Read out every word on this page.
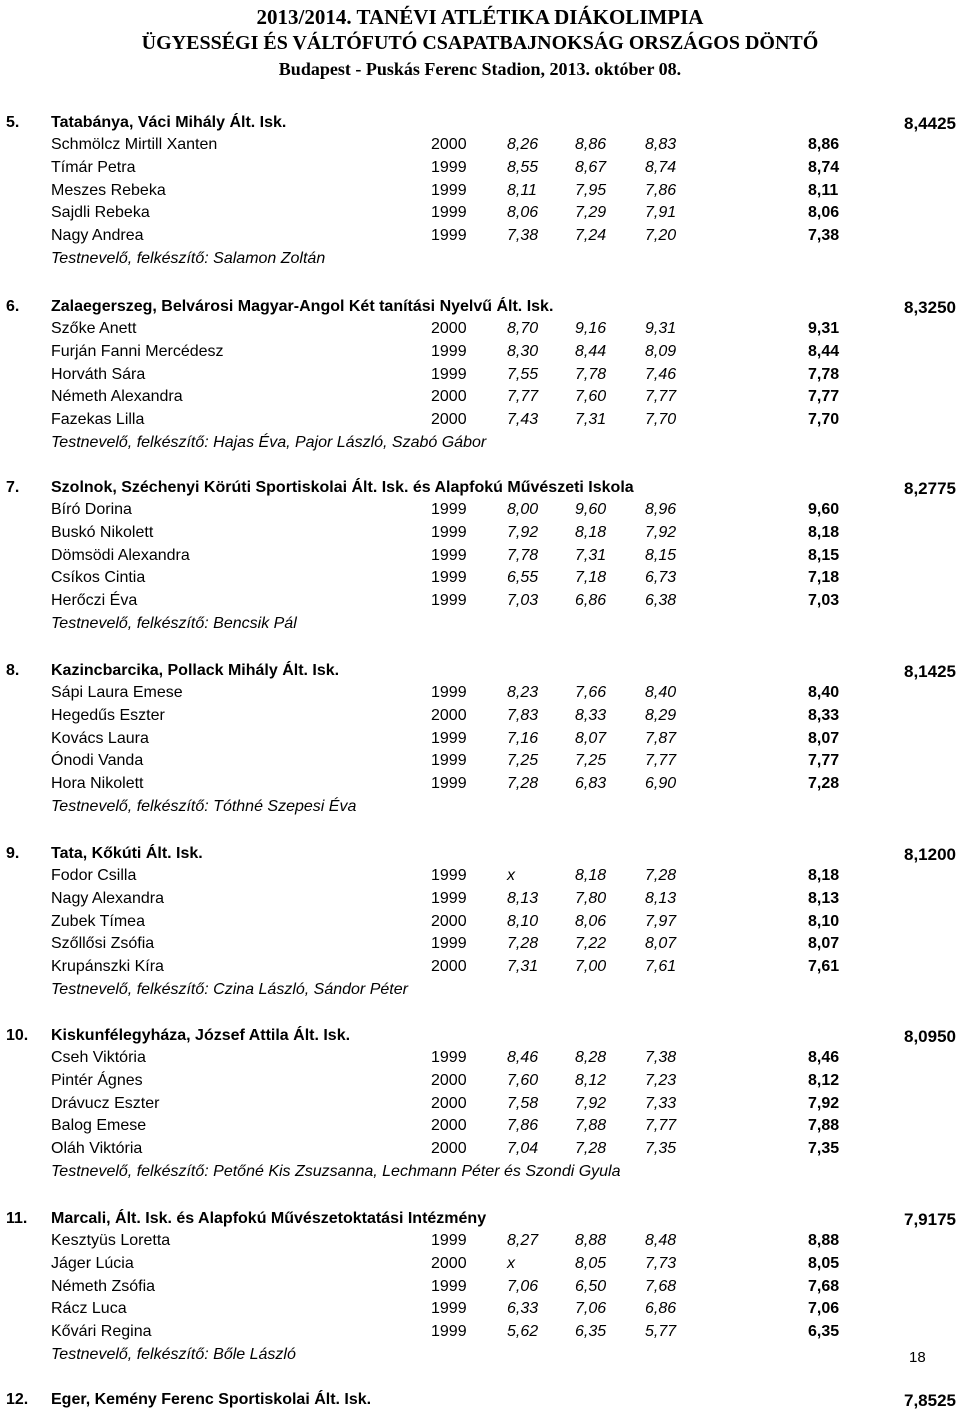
2013/2014. TANÉVI ATLÉTIKA DIÁKOLIMPIA
ÜGYESSÉGI ÉS VÁLTÓFUTÓ CSAPATBAJNOKSÁG ORSZÁGOS DÖNTŐ
Budapest - Puskás Ferenc Stadion, 2013. október 08.
5. Tatabánya, Váci Mihály Ált. Isk.	8,4425
Schmölcz Mirtill Xanten	2000	8,26 8,86 8,83	8,86
Tímár Petra	1999	8,55 8,67 8,74	8,74
Meszes Rebeka	1999	8,11 7,95 7,86	8,11
Sajdli Rebeka	1999	8,06 7,29 7,91	8,06
Nagy Andrea	1999	7,38 7,24 7,20	7,38
Testnevelő, felkészítő: Salamon Zoltán
6. Zalaegerszeg, Belvárosi Magyar-Angol Két tanítási Nyelvű Ált. Isk.	8,3250
Szőke Anett	2000	8,70 9,16 9,31	9,31
Furján Fanni Mercédesz	1999	8,30 8,44 8,09	8,44
Horváth Sára	1999	7,55 7,78 7,46	7,78
Németh Alexandra	2000	7,77 7,60 7,77	7,77
Fazekas Lilla	2000	7,43 7,31 7,70	7,70
Testnevelő, felkészítő: Hajas Éva, Pajor László, Szabó Gábor
7. Szolnok, Széchenyi Körúti Sportiskolai Ált. Isk. és Alapfokú Művészeti Iskola	8,2775
Bíró Dorina	1999	8,00 9,60 8,96	9,60
Buskó Nikolett	1999	7,92 8,18 7,92	8,18
Dömsödi Alexandra	1999	7,78 7,31 8,15	8,15
Csíkos Cintia	1999	6,55 7,18 6,73	7,18
Herőczi Éva	1999	7,03 6,86 6,38	7,03
Testnevelő, felkészítő: Bencsik Pál
8. Kazincbarcika, Pollack Mihály Ált. Isk.	8,1425
Sápi Laura Emese	1999	8,23 7,66 8,40	8,40
Hegedűs Eszter	2000	7,83 8,33 8,29	8,33
Kovács Laura	1999	7,16 8,07 7,87	8,07
Ónodi Vanda	1999	7,25 7,25 7,77	7,77
Hora Nikolett	1999	7,28 6,83 6,90	7,28
Testnevelő, felkészítő: Tóthné Szepesi Éva
9. Tata, Kőkúti Ált. Isk.	8,1200
Fodor Csilla	1999	x	8,18 7,28	8,18
Nagy Alexandra	1999	8,13 7,80 8,13	8,13
Zubek Tímea	2000	8,10 8,06 7,97	8,10
Szőllősi Zsófia	1999	7,28 7,22 8,07	8,07
Krupánszki Kíra	2000	7,31 7,00 7,61	7,61
Testnevelő, felkészítő: Czina László, Sándor Péter
10. Kiskunfélegyháza, József Attila Ált. Isk.	8,0950
Cseh Viktória	1999	8,46 8,28 7,38	8,46
Pintér Ágnes	2000	7,60 8,12 7,23	8,12
Drávucz Eszter	2000	7,58 7,92 7,33	7,92
Balog Emese	2000	7,86 7,88 7,77	7,88
Oláh Viktória	2000	7,04 7,28 7,35	7,35
Testnevelő, felkészítő: Petőné Kis Zsuzsanna, Lechmann Péter és Szondi Gyula
11. Marcali, Ált. Isk. és Alapfokú Művészetoktatási Intézmény	7,9175
Kesztyüs Loretta	1999	8,27 8,88 8,48	8,88
Jáger Lúcia	2000	x	8,05 7,73	8,05
Németh Zsófia	1999	7,06 6,50 7,68	7,68
Rácz Luca	1999	6,33 7,06 6,86	7,06
Kővári Regina	1999	5,62 6,35 5,77	6,35
Testnevelő, felkészítő: Bőle László
12. Eger, Kemény Ferenc Sportiskolai Ált. Isk.	7,8525
18
